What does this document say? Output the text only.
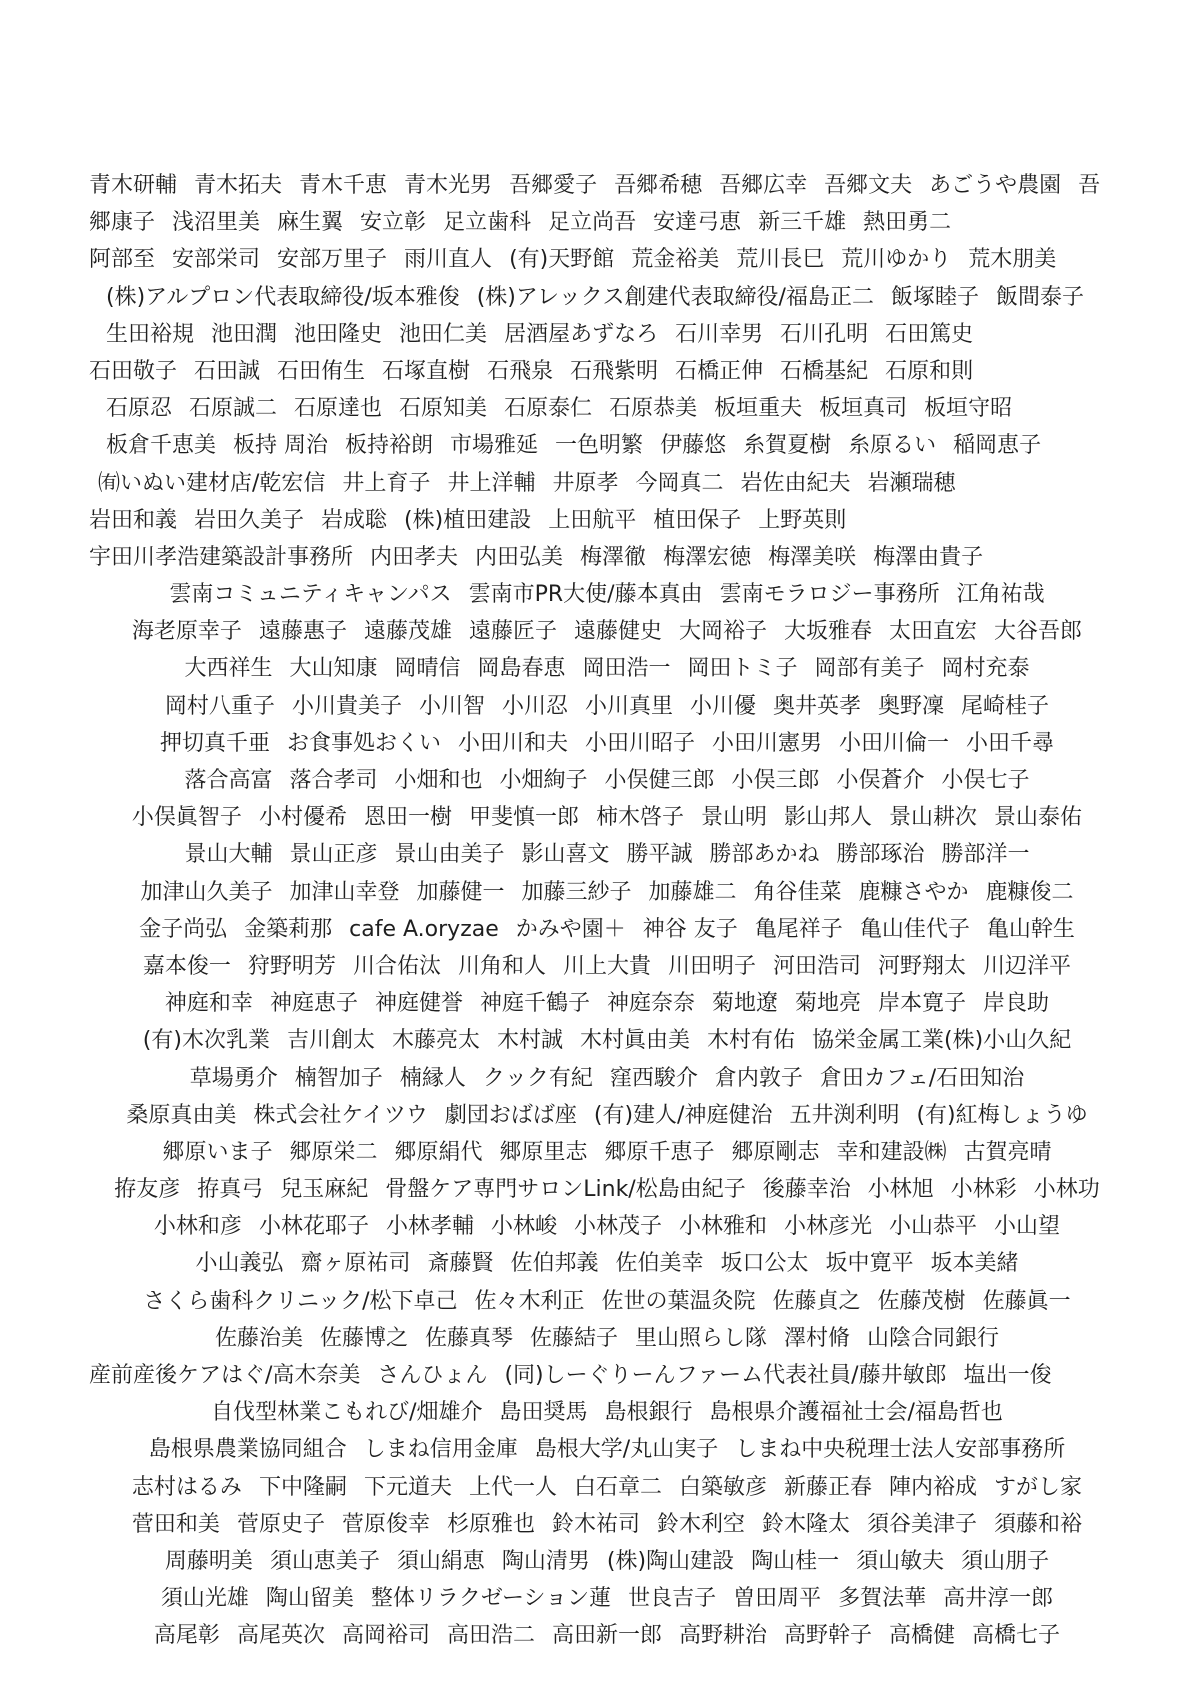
青木研輔 青木拓夫 青木千恵 青木光男 吾郷愛子 吾郷希穂 吾郷広幸 吾郷文夫 あごうや農園 吾
郷康子 浅沼里美 麻生翼 安立彰 足立歯科 足立尚吾 安達弓恵 新三千雄 熱田勇二
阿部至 安部栄司 安部万里子 雨川直人 (有)天野館 荒金裕美 荒川長巳 荒川ゆかり 荒木朋美
(株)アルプロン代表取締役/坂本雅俊 (株)アレックス創建代表取締役/福島正二 飯塚睦子 飯間泰子
生田裕規 池田潤 池田隆史 池田仁美 居酒屋あずなろ 石川幸男 石川孔明 石田篤史
石田敬子 石田誠 石田侑生 石塚直樹 石飛泉 石飛紫明 石橋正伸 石橋基紀 石原和則
石原忍 石原誠二 石原達也 石原知美 石原泰仁 石原恭美 板垣重夫 板垣真司 板垣守昭
板倉千恵美 板持 周治 板持裕朗 市場雅延 一色明繁 伊藤悠 糸賀夏樹 糸原るい 稲岡恵子
㈲いぬい建材店/乾宏信 井上育子 井上洋輔 井原孝 今岡真二 岩佐由紀夫 岩瀬瑞穂
岩田和義 岩田久美子 岩成聡 (株)植田建設 上田航平 植田保子 上野英則
宇田川孝浩建築設計事務所 内田孝夫 内田弘美 梅澤徹 梅澤宏徳 梅澤美咲 梅澤由貴子
雲南コミュニティキャンパス 雲南市PR大使/藤本真由 雲南モラロジー事務所 江角祐哉
海老原幸子 遠藤惠子 遠藤茂雄 遠藤匠子 遠藤健史 大岡裕子 大坂雅春 太田直宏 大谷吾郎
大西祥生 大山知康 岡晴信 岡島春恵 岡田浩一 岡田トミ子 岡部有美子 岡村充泰
岡村八重子 小川貴美子 小川智 小川忍 小川真里 小川優 奥井英孝 奥野凜 尾崎桂子
押切真千亜 お食事処おくい 小田川和夫 小田川昭子 小田川憲男 小田川倫一 小田千尋
落合高富 落合孝司 小畑和也 小畑絢子 小俣健三郎 小俣三郎 小俣蒼介 小俣七子
小俣眞智子 小村優希 恩田一樹 甲斐慎一郎 柿木啓子 景山明 影山邦人 景山耕次 景山泰佑
景山大輔 景山正彦 景山由美子 影山喜文 勝平誠 勝部あかね 勝部琢治 勝部洋一
加津山久美子 加津山幸登 加藤健一 加藤三紗子 加藤雄二 角谷佳菜 鹿糠さやか 鹿糠俊二
金子尚弘 金築莉那 cafe A.oryzae かみや園＋ 神谷 友子 亀尾祥子 亀山佳代子 亀山幹生
嘉本俊一 狩野明芳 川合佑汰 川角和人 川上大貴 川田明子 河田浩司 河野翔太 川辺洋平
神庭和幸 神庭恵子 神庭健誉 神庭千鶴子 神庭奈奈 菊地遼 菊地亮 岸本寛子 岸良助
(有)木次乳業 吉川創太 木藤亮太 木村誠 木村眞由美 木村有佑 協栄金属工業(株)小山久紀
草場勇介 楠智加子 楠縁人 クック有紀 窪西駿介 倉内敦子 倉田カフェ/石田知治
桑原真由美 株式会社ケイツウ 劇団おばば座 (有)建人/神庭健治 五井渕利明 (有)紅梅しょうゆ
郷原いま子 郷原栄二 郷原絹代 郷原里志 郷原千恵子 郷原剛志 幸和建設㈱ 古賀亮晴
拵友彦 拵真弓 兒玉麻紀 骨盤ケア専門サロンLink/松島由紀子 後藤幸治 小林旭 小林彩 小林功
小林和彦 小林花耶子 小林孝輔 小林峻 小林茂子 小林雅和 小林彦光 小山恭平 小山望
小山義弘 齋ヶ原祐司 斎藤賢 佐伯邦義 佐伯美幸 坂口公太 坂中寛平 坂本美緒
さくら歯科クリニック/松下卓己 佐々木利正 佐世の葉温灸院 佐藤貞之 佐藤茂樹 佐藤眞一
佐藤治美 佐藤博之 佐藤真琴 佐藤結子 里山照らし隊 澤村脩 山陰合同銀行
産前産後ケアはぐ/高木奈美 さんひょん (同)しーぐりーんファーム代表社員/藤井敏郎 塩出一俊
自伐型林業こもれび/畑雄介 島田奨馬 島根銀行 島根県介護福祉士会/福島哲也
島根県農業協同組合 しまね信用金庫 島根大学/丸山実子 しまね中央税理士法人安部事務所
志村はるみ 下中隆嗣 下元道夫 上代一人 白石章二 白築敏彦 新藤正春 陣内裕成 すがし家
菅田和美 菅原史子 菅原俊幸 杉原雅也 鈴木祐司 鈴木利空 鈴木隆太 須谷美津子 須藤和裕
周藤明美 須山恵美子 須山絹恵 陶山清男 (株)陶山建設 陶山桂一 須山敏夫 須山朋子
須山光雄 陶山留美 整体リラクゼーション蓮 世良吉子 曽田周平 多賀法華 高井淳一郎
高尾彰 高尾英次 高岡裕司 高田浩二 高田新一郎 高野耕治 高野幹子 高橋健 高橋七子
